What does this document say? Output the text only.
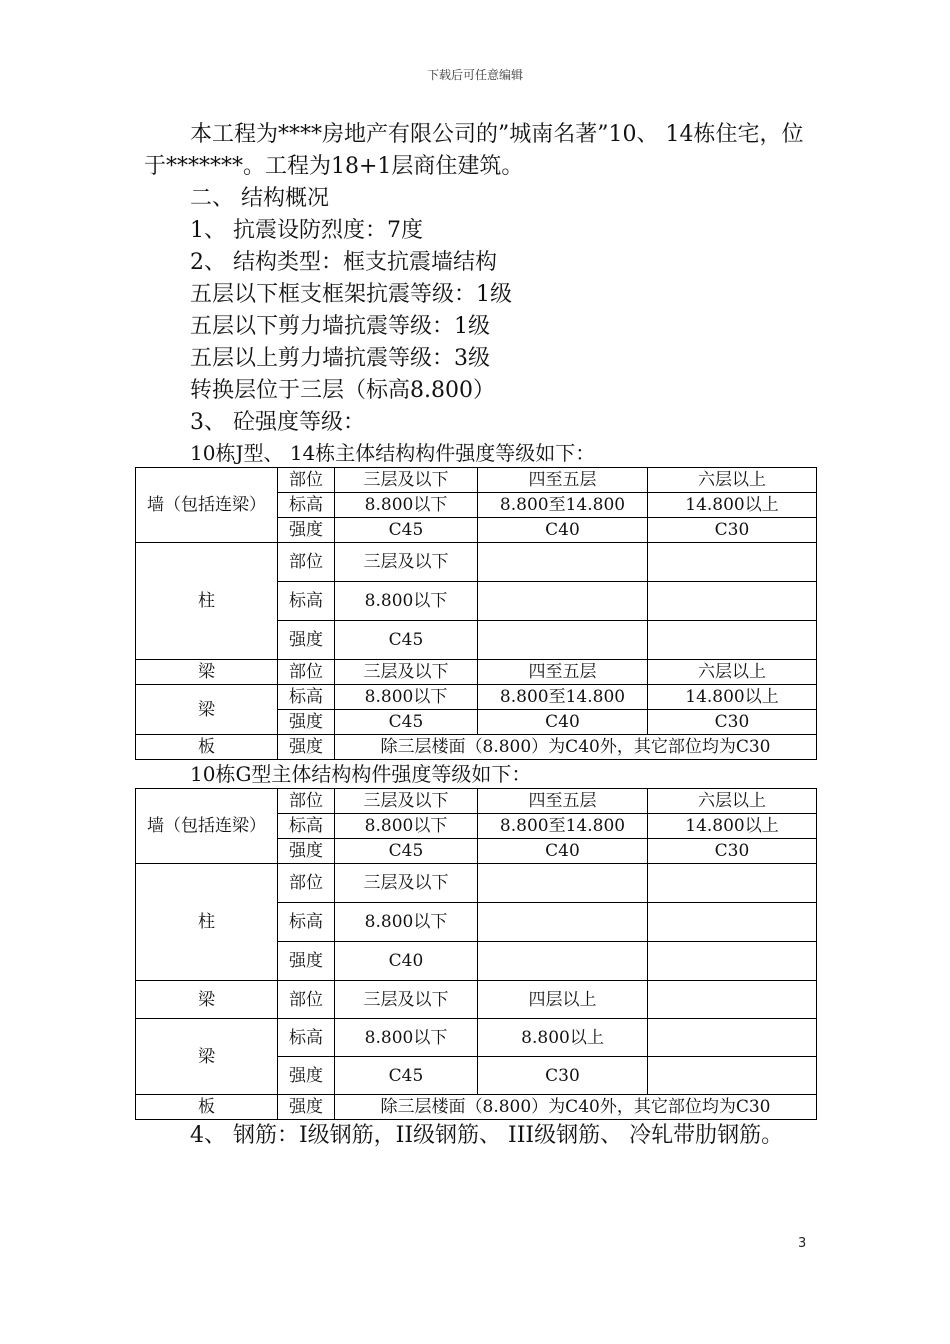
下载后可任意编辑

本工程为****房地产有限公司的”城南名著”10、 14栋住宅，位于*******。工程为18+1层商住建筑。

二、 结构概况

1、 抗震设防烈度：7度

2、 结构类型：框支抗震墙结构

五层以下框支框架抗震等级：1级

五层以下剪力墙抗震等级：1级

五层以上剪力墙抗震等级：3级

转换层位于三层（标高8.800）

3、 砼强度等级：

10栋J型、 14栋主体结构构件强度等级如下：

墙（包括连梁）	部位	三层及以下	四至五层	六层以上
	标高	8.800以下	8.800至14.800	14.800以上
	强度	C45	C40	C30
柱	部位	三层及以下		
	标高	8.800以下		
	强度	C45		
梁	部位	三层及以下	四至五层	六层以上
梁	标高	8.800以下	8.800至14.800	14.800以上
	强度	C45	C40	C30
板	强度	除三层楼面（8.800）为C40外，其它部位均为C30		

10栋G型主体结构构件强度等级如下：

墙（包括连梁）	部位	三层及以下	四至五层	六层以上
	标高	8.800以下	8.800至14.800	14.800以上
	强度	C45	C40	C30
柱	部位	三层及以下		
	标高	8.800以下		
	强度	C40		
梁	部位	三层及以下	四层以上	
梁	标高	8.800以下	8.800以上	
	强度	C45	C30	
板	强度	除三层楼面（8.800）为C40外，其它部位均为C30		

4、 钢筋：I级钢筋，II级钢筋、 III级钢筋、 冷轧带肋钢筋。

3
